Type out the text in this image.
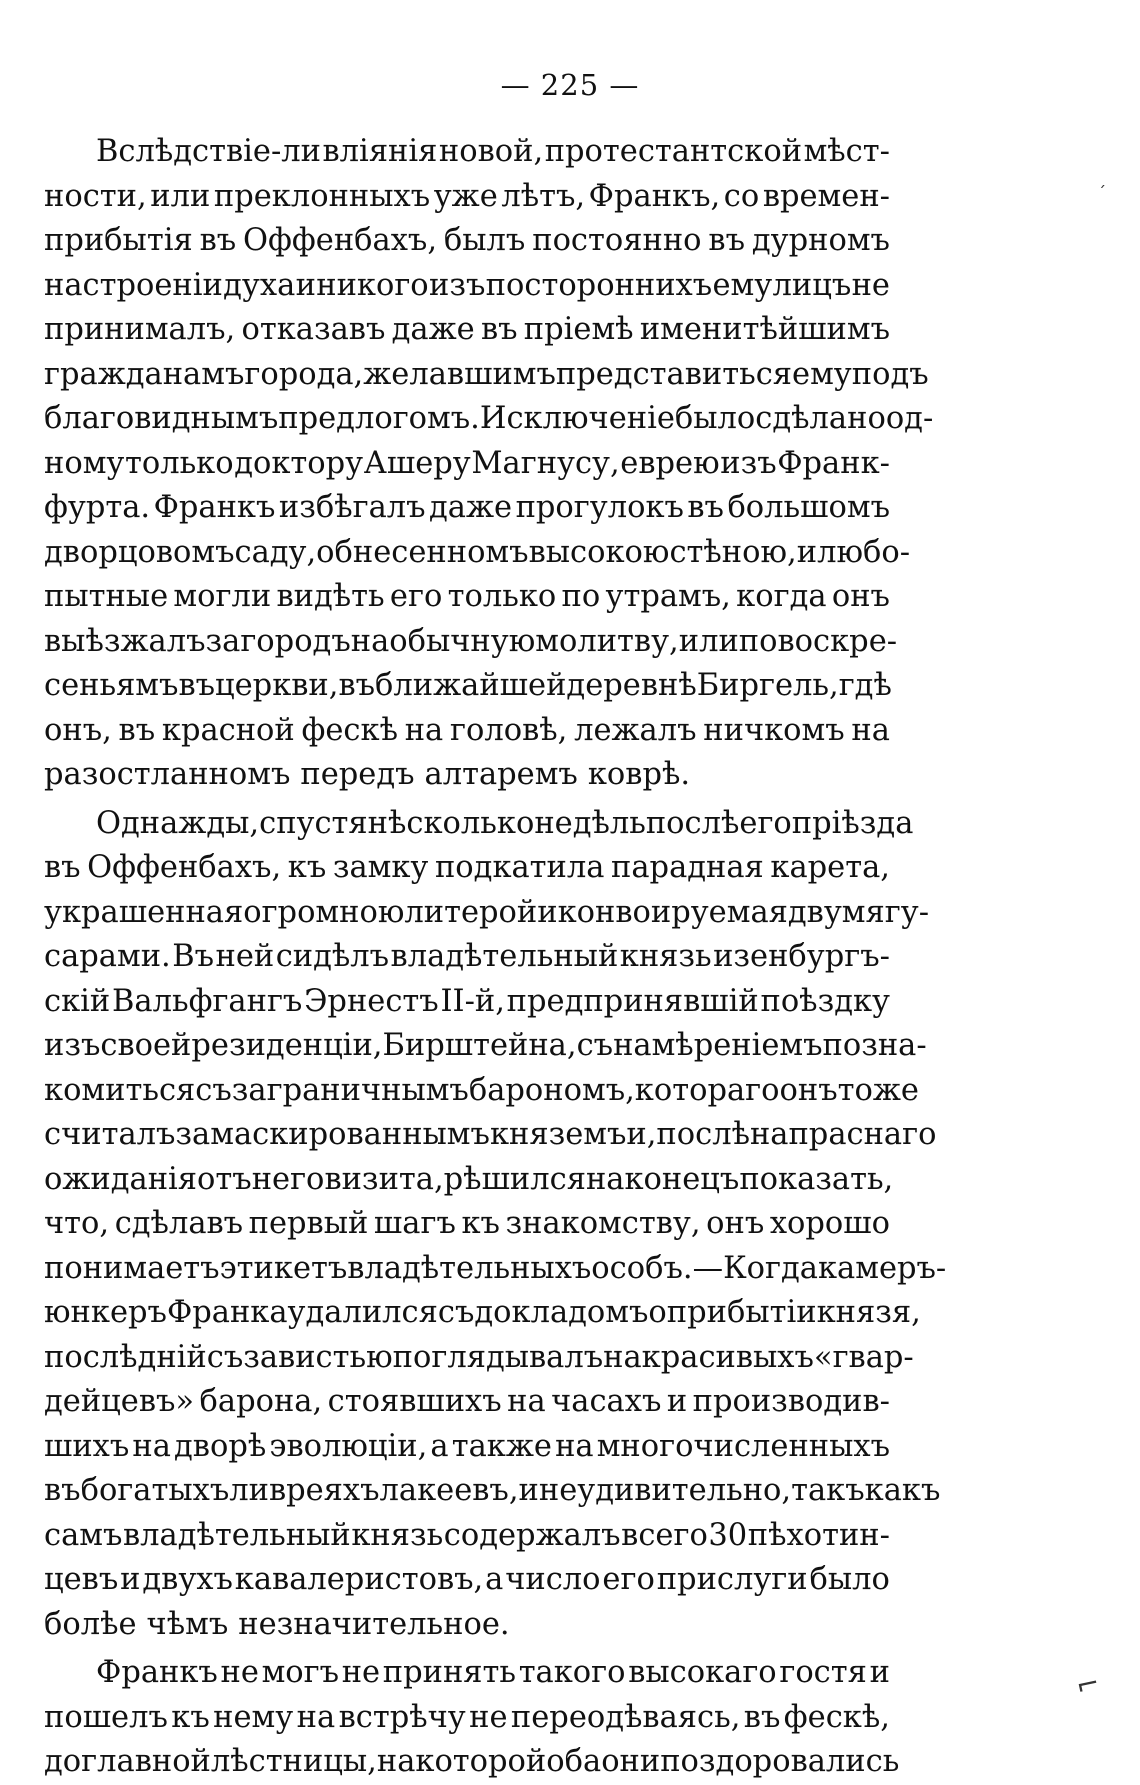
— 225 —
Вслѣдствіе-ли вліянія новой, протестантской мѣст-
ности, или преклонныхъ уже лѣтъ, Франкъ, со времен-
прибытія въ Оффенбахъ, былъ постоянно въ дурномъ
настроеніи духа и никого изъ постороннихъ ему лицъ не
принималъ, отказавъ даже въ пріемѣ именитѣйшимъ
гражданамъ города, желавшимъ представиться ему подъ
благовиднымъ предлогомъ. Исключеніе было сдѣлано од-
ному только доктору Ашеру Магнусу, еврею изъ Франк-
фурта. Франкъ избѣгалъ даже прогулокъ въ большомъ
дворцовомъ саду, обнесенномъ высокою стѣною, и любо-
пытные могли видѣть его только по утрамъ, когда онъ
выѣзжалъ за городъ на обычную молитву, или по воскре-
сеньямъ въ церкви, въ ближайшей деревнѣ Биргель, гдѣ
онъ, въ красной фескѣ на головѣ, лежалъ ничкомъ на
разостланномъ передъ алтаремъ коврѣ.
Однажды, спустя нѣсколько недѣль послѣ его пріѣзда
въ Оффенбахъ, къ замку подкатила парадная карета,
украшенная огромною литерой и конвоируемая двумя гу-
сарами. Въ ней сидѣлъ владѣтельный князь изенбургъ-
скій Вальфгангъ Эрнестъ II-й, предпринявшій поѣздку
изъ своей резиденціи, Бирштейна, съ намѣреніемъ позна-
комиться съ заграничнымъ барономъ, котораго онъ тоже
считалъ замаскированнымъ княземъ и, послѣ напраснаго
ожиданія отъ него визита, рѣшился наконецъ показать,
что, сдѣлавъ первый шагъ къ знакомству, онъ хорошо
понимаетъ этикетъ владѣтельныхъ особъ.—Когда камеръ-
юнкеръ Франка удалился съ докладомъ о прибытіи князя,
послѣдній съ завистью поглядывалъ на красивыхъ «гвар-
дейцевъ» барона, стоявшихъ на часахъ и производив-
шихъ на дворѣ эволюціи, а также на многочисленныхъ
въ богатыхъ ливреяхъ лакеевъ, и неудивительно, такъ какъ
самъ владѣтельный князь содержалъ всего 30 пѣхотин-
цевъ и двухъ кавалеристовъ, а число его прислуги было
болѣе чѣмъ незначительное.
Франкъ не могъ не принять такого высокаго гостя и
пошелъ къ нему на встрѣчу не переодѣваясь, въ фескѣ,
до главной лѣстницы, на которой оба они поздоровались
ˊ
⌐
